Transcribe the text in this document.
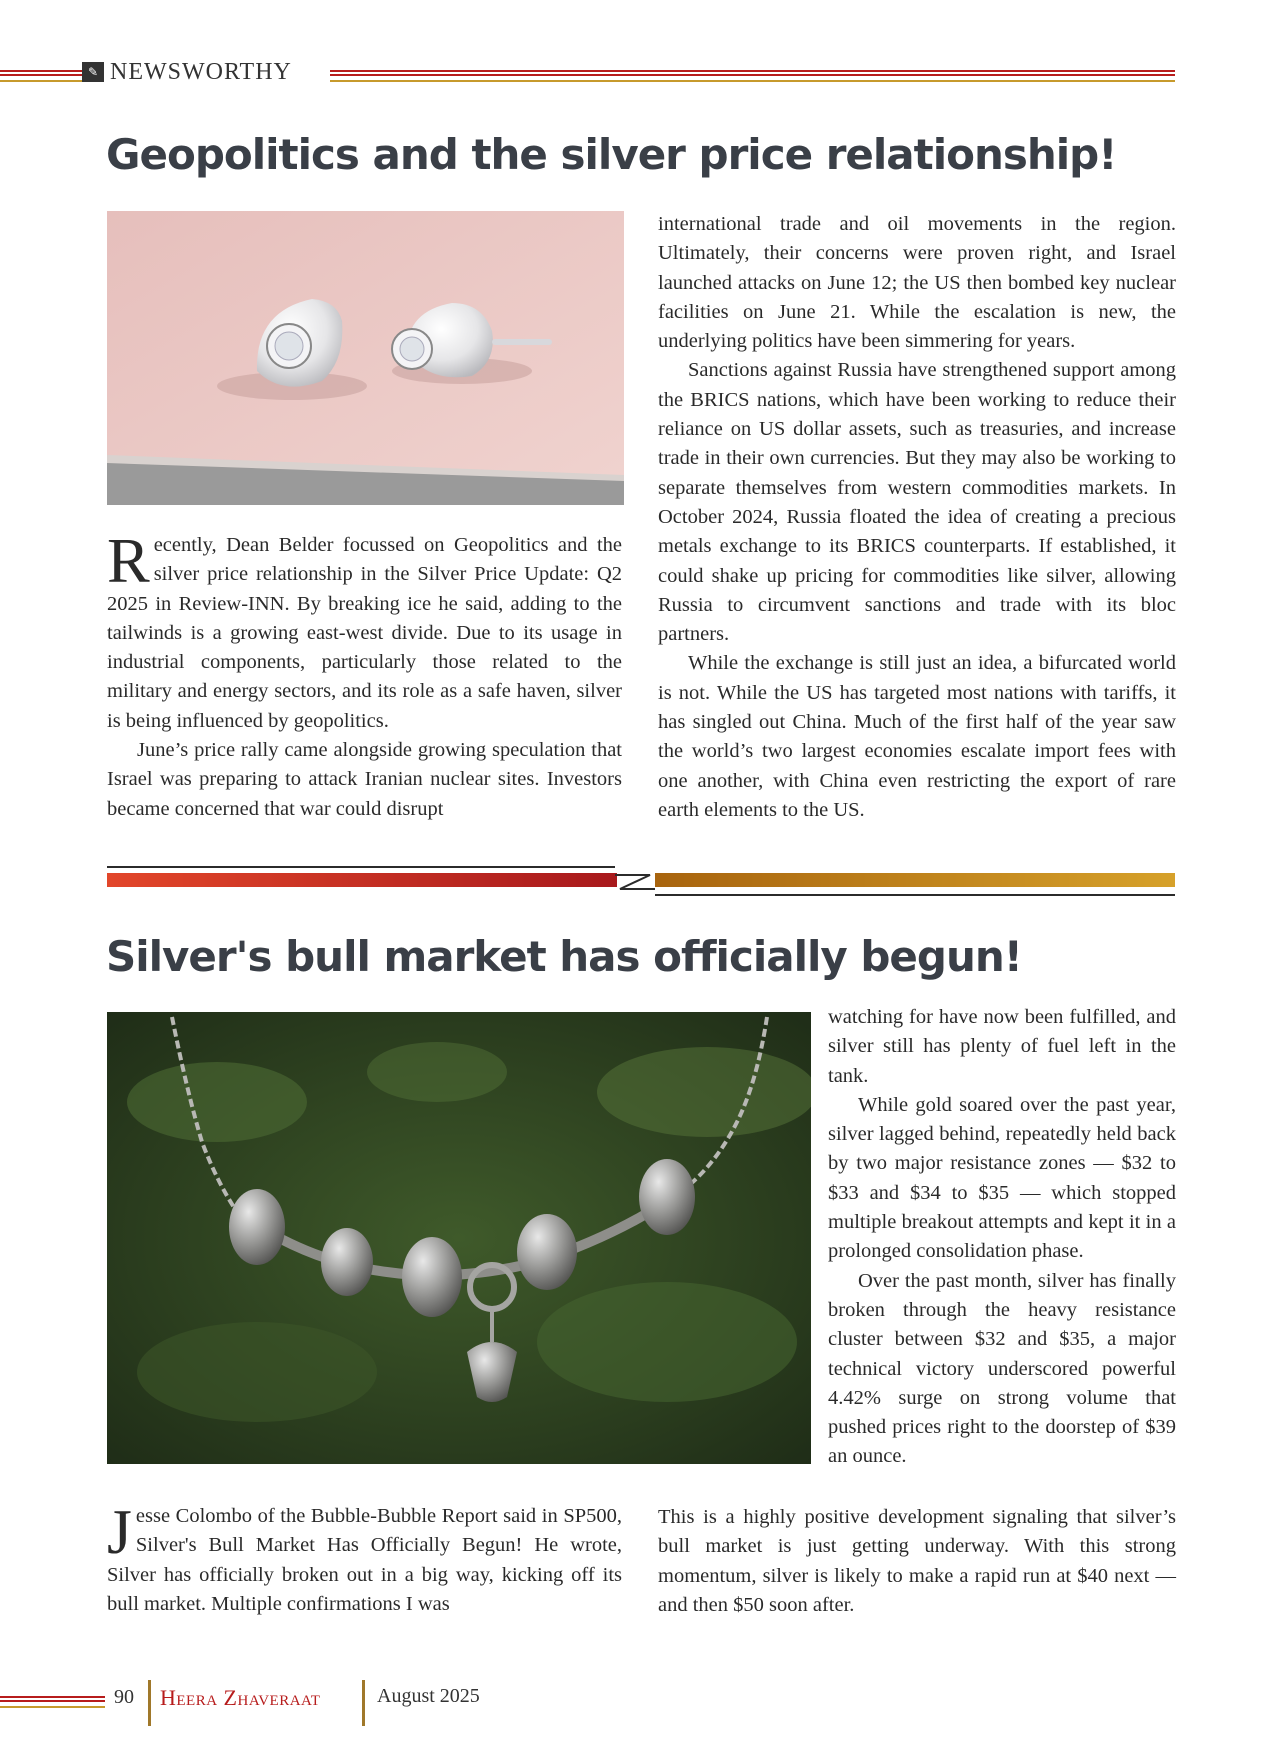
✎ NEWSWORTHY
Geopolitics and the silver price relationship!

Recently, Dean Belder focussed on Geopolitics and the silver price relationship in the Silver Price Update: Q2 2025 in Review-INN. By breaking ice he said, adding to the tailwinds is a growing east-west divide. Due to its usage in industrial components, particularly those related to the military and energy sectors, and its role as a safe haven, silver is being influenced by geopolitics.

June’s price rally came alongside growing speculation that Israel was preparing to attack Iranian nuclear sites. Investors became concerned that war could disrupt

international trade and oil movements in the region. Ultimately, their concerns were proven right, and Israel launched attacks on June 12; the US then bombed key nuclear facilities on June 21. While the escalation is new, the underlying politics have been simmering for years.

Sanctions against Russia have strengthened support among the BRICS nations, which have been working to reduce their reliance on US dollar assets, such as treasuries, and increase trade in their own currencies. But they may also be working to separate themselves from western commodities markets. In October 2024, Russia floated the idea of creating a precious metals exchange to its BRICS counterparts. If established, it could shake up pricing for commodities like silver, allowing Russia to circumvent sanctions and trade with its bloc partners.

While the exchange is still just an idea, a bifurcated world is not. While the US has targeted most nations with tariffs, it has singled out China. Much of the first half of the year saw the world’s two largest economies escalate import fees with one another, with China even restricting the export of rare earth elements to the US.

Silver's bull market has officially begun!

watching for have now been fulfilled, and silver still has plenty of fuel left in the tank.

While gold soared over the past year, silver lagged behind, repeatedly held back by two major resistance zones — $32 to $33 and $34 to $35 — which stopped multiple breakout attempts and kept it in a prolonged consolidation phase.

Over the past month, silver has finally broken through the heavy resistance cluster between $32 and $35, a major technical victory underscored powerful 4.42% surge on strong volume that pushed prices right to the doorstep of $39 an ounce.

Jesse Colombo of the Bubble-Bubble Report said in SP500, Silver's Bull Market Has Officially Begun! He wrote, Silver has officially broken out in a big way, kicking off its bull market. Multiple confirmations I was

This is a highly positive development signaling that silver’s bull market is just getting underway. With this strong momentum, silver is likely to make a rapid run at $40 next — and then $50 soon after.

90 Heera Zhaveraat	August 2025
